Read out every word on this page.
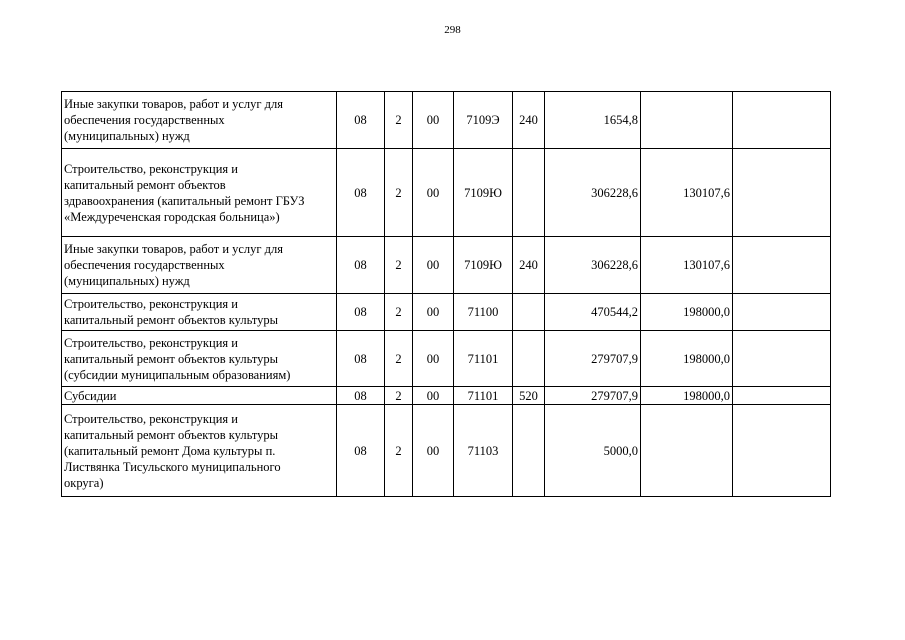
298
Иные закупки товаров, работ и услуг для
обеспечения государственных
(муниципальных) нужд	08	2	00	7109Э	240	1654,8		

Строительство, реконструкция и
капитальный ремонт объектов
здравоохранения (капитальный ремонт ГБУЗ
«Междуреченская городская больница»)	08	2	00	7109Ю		306228,6	130107,6	

Иные закупки товаров, работ и услуг для
обеспечения государственных
(муниципальных) нужд	08	2	00	7109Ю	240	306228,6	130107,6	

Строительство, реконструкция и
капитальный ремонт объектов культуры	08	2	00	71100		470544,2	198000,0	

Строительство, реконструкция и
капитальный ремонт объектов культуры
(субсидии муниципальным образованиям)	08	2	00	71101		279707,9	198000,0	

Субсидии	08	2	00	71101	520	279707,9	198000,0	

Строительство, реконструкция и
капитальный ремонт объектов культуры
(капитальный ремонт Дома культуры п.
Листвянка Тисульского муниципального
округа)	08	2	00	71103		5000,0		
